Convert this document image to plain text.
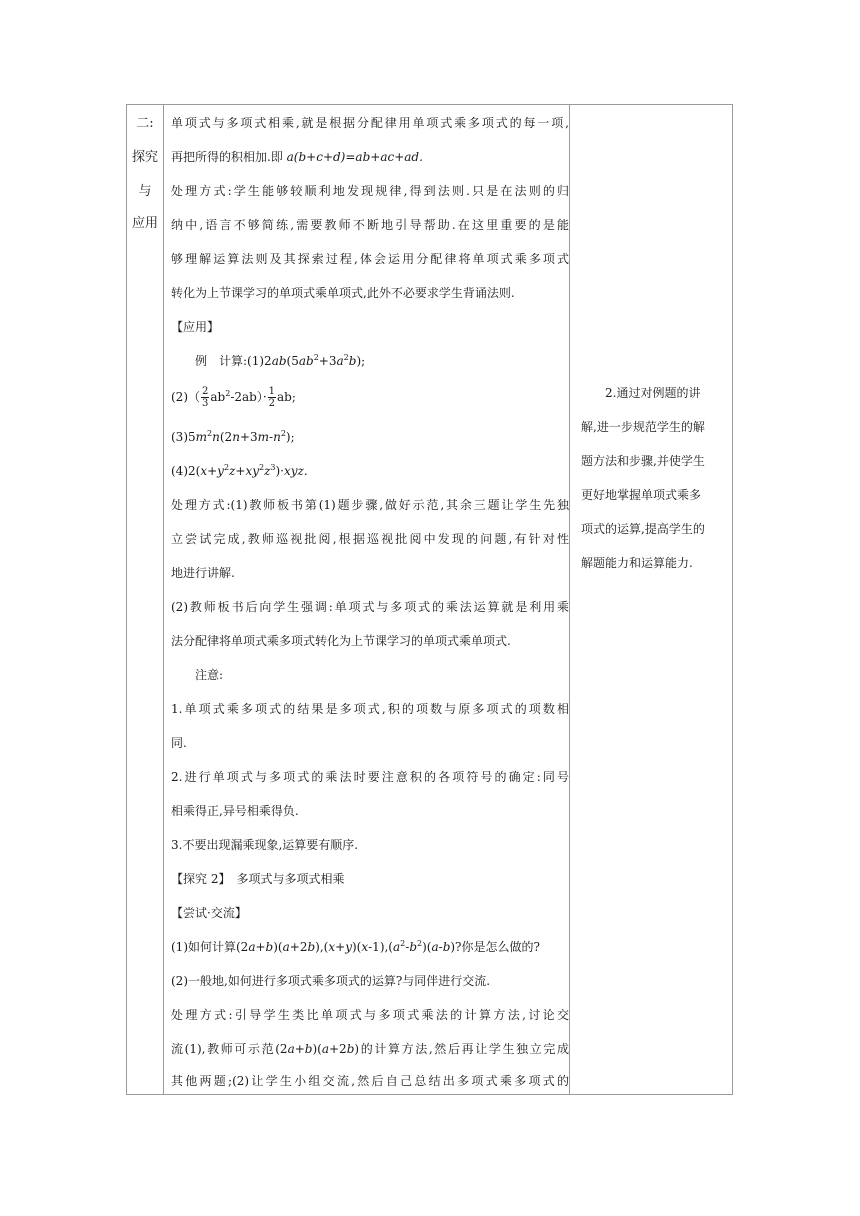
二:
探究
与
应用
单项式与多项式相乘,就是根据分配律用单项式乘多项式的每一项,
再把所得的积相加.即 a(b+c+d)=ab+ac+ad.
处理方式:学生能够较顺利地发现规律,得到法则.只是在法则的归
纳中,语言不够简练,需要教师不断地引导帮助.在这里重要的是能
够理解运算法则及其探索过程,体会运用分配律将单项式乘多项式
转化为上节课学习的单项式乘单项式,此外不必要求学生背诵法则.
【应用】
例　计算$:(1)2ab(5ab^2+3a^2b)$;
$(2)( \frac{2}{3} ab^2-2ab)\cdot \frac{1}{2}$ ab;
$(3)5m^2n(2n+3m-n^2)$;
$(4)2(x+y^2z+xy^2z^3)\cdot xyz$.
处理方式:(1)教师板书第(1)题步骤,做好示范,其余三题让学生先独
立尝试完成,教师巡视批阅,根据巡视批阅中发现的问题,有针对性
地进行讲解.
(2)教师板书后向学生强调:单项式与多项式的乘法运算就是利用乘
法分配律将单项式乘多项式转化为上节课学习的单项式乘单项式.
注意:
1.单项式乘多项式的结果是多项式,积的项数与原多项式的项数相
同.
2.进行单项式与多项式的乘法时要注意积的各项符号的确定:同号
相乘得正,异号相乘得负.
3.不要出现漏乘现象,运算要有顺序.
【探究 2】　多项式与多项式相乘
【尝试·交流】
(1)如何计算$(2a+b)(a+2b),(x+y)(x-1),(a^2-b^2)(a-b)$?你是怎么做的?
(2)一般地,如何进行多项式乘多项式的运算?与同伴进行交流.
处理方式:引导学生类比单项式与多项式乘法的计算方法,讨论交
流(1),教师可示范(2a+b)(a+2b)的计算方法,然后再让学生独立完成
其他两题;(2)让学生小组交流,然后自己总结出多项式乘多项式的
2.通过对例题的讲
解,进一步规范学生的解
题方法和步骤,并使学生
更好地掌握单项式乘多
项式的运算,提高学生的
解题能力和运算能力.
